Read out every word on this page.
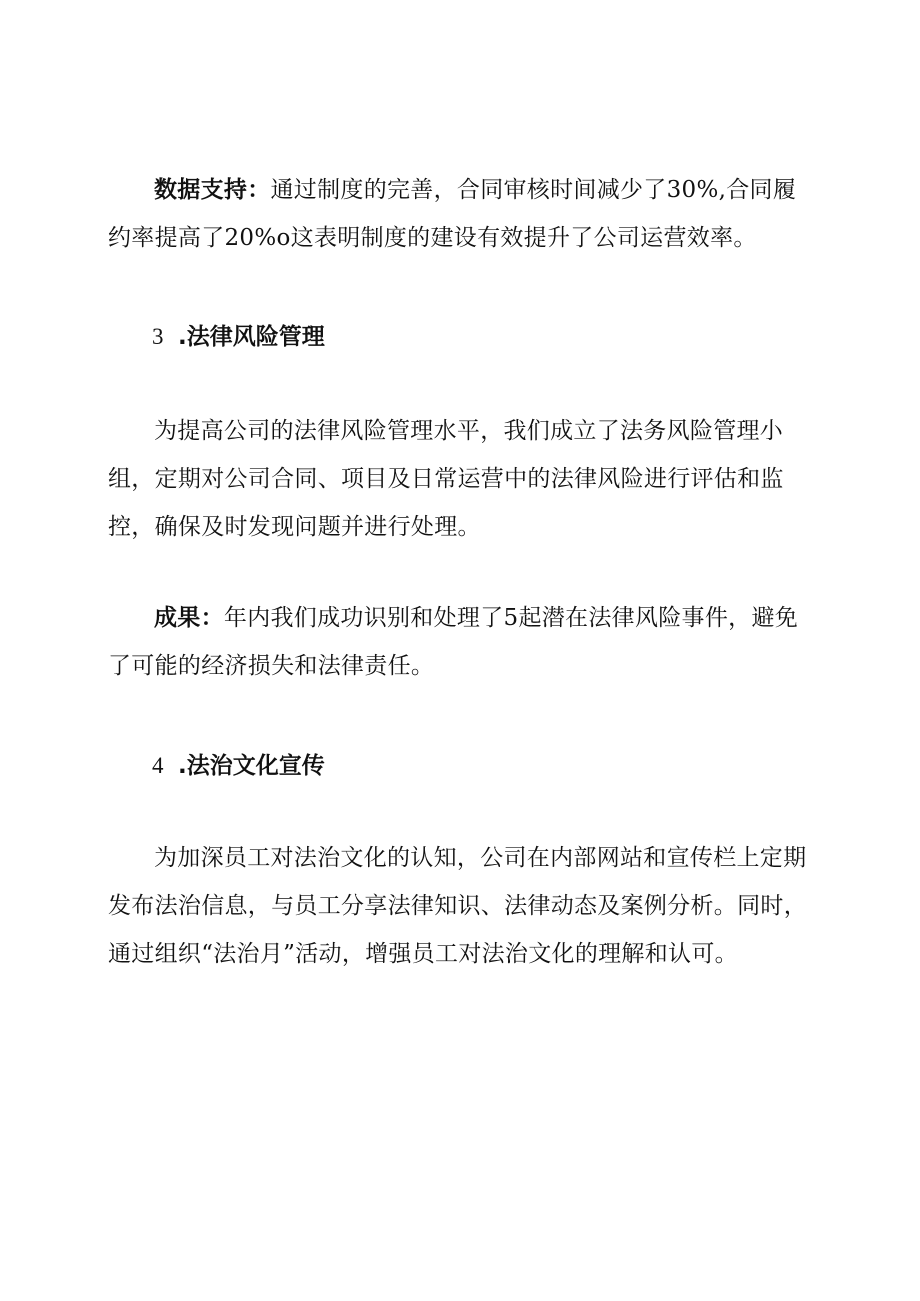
数据支持：通过制度的完善，合同审核时间减少了30%,合同履约率提高了20%o这表明制度的建设有效提升了公司运营效率。

3 .法律风险管理

为提高公司的法律风险管理水平，我们成立了法务风险管理小组，定期对公司合同、项目及日常运营中的法律风险进行评估和监控，确保及时发现问题并进行处理。

成果：年内我们成功识别和处理了5起潜在法律风险事件，避免了可能的经济损失和法律责任。

4 .法治文化宣传

为加深员工对法治文化的认知，公司在内部网站和宣传栏上定期发布法治信息，与员工分享法律知识、法律动态及案例分析。同时，通过组织“法治月”活动，增强员工对法治文化的理解和认可。
